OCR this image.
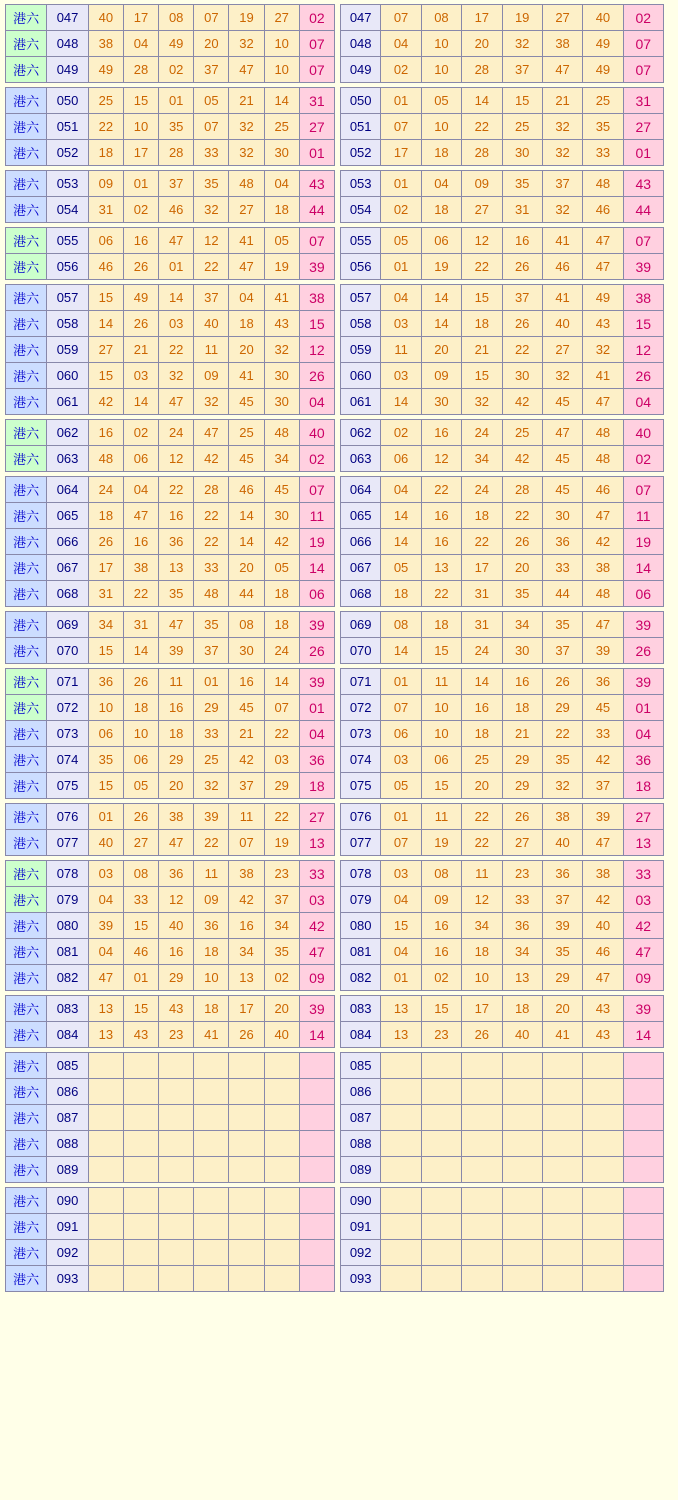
港六	047	40	17	08	07	19	27	02
港六	048	38	04	49	20	32	10	07
港六	049	49	28	02	37	47	10	07

港六	050	25	15	01	05	21	14	31
港六	051	22	10	35	07	32	25	27
港六	052	18	17	28	33	32	30	01

港六	053	09	01	37	35	48	04	43
港六	054	31	02	46	32	27	18	44

港六	055	06	16	47	12	41	05	07
港六	056	46	26	01	22	47	19	39

港六	057	15	49	14	37	04	41	38
港六	058	14	26	03	40	18	43	15
港六	059	27	21	22	11	20	32	12
港六	060	15	03	32	09	41	30	26
港六	061	42	14	47	32	45	30	04

港六	062	16	02	24	47	25	48	40
港六	063	48	06	12	42	45	34	02

港六	064	24	04	22	28	46	45	07
港六	065	18	47	16	22	14	30	11
港六	066	26	16	36	22	14	42	19
港六	067	17	38	13	33	20	05	14
港六	068	31	22	35	48	44	18	06

港六	069	34	31	47	35	08	18	39
港六	070	15	14	39	37	30	24	26

港六	071	36	26	11	01	16	14	39
港六	072	10	18	16	29	45	07	01
港六	073	06	10	18	33	21	22	04
港六	074	35	06	29	25	42	03	36
港六	075	15	05	20	32	37	29	18

港六	076	01	26	38	39	11	22	27
港六	077	40	27	47	22	07	19	13

港六	078	03	08	36	11	38	23	33
港六	079	04	33	12	09	42	37	03
港六	080	39	15	40	36	16	34	42
港六	081	04	46	16	18	34	35	47
港六	082	47	01	29	10	13	02	09

港六	083	13	15	43	18	17	20	39
港六	084	13	43	23	41	26	40	14

港六	085							
港六	086							
港六	087							
港六	088							
港六	089							

港六	090							
港六	091							
港六	092							
港六	093							
047	07	08	17	19	27	40	02
048	04	10	20	32	38	49	07
049	02	10	28	37	47	49	07

050	01	05	14	15	21	25	31
051	07	10	22	25	32	35	27
052	17	18	28	30	32	33	01

053	01	04	09	35	37	48	43
054	02	18	27	31	32	46	44

055	05	06	12	16	41	47	07
056	01	19	22	26	46	47	39

057	04	14	15	37	41	49	38
058	03	14	18	26	40	43	15
059	11	20	21	22	27	32	12
060	03	09	15	30	32	41	26
061	14	30	32	42	45	47	04

062	02	16	24	25	47	48	40
063	06	12	34	42	45	48	02

064	04	22	24	28	45	46	07
065	14	16	18	22	30	47	11
066	14	16	22	26	36	42	19
067	05	13	17	20	33	38	14
068	18	22	31	35	44	48	06

069	08	18	31	34	35	47	39
070	14	15	24	30	37	39	26

071	01	11	14	16	26	36	39
072	07	10	16	18	29	45	01
073	06	10	18	21	22	33	04
074	03	06	25	29	35	42	36
075	05	15	20	29	32	37	18

076	01	11	22	26	38	39	27
077	07	19	22	27	40	47	13

078	03	08	11	23	36	38	33
079	04	09	12	33	37	42	03
080	15	16	34	36	39	40	42
081	04	16	18	34	35	46	47
082	01	02	10	13	29	47	09

083	13	15	17	18	20	43	39
084	13	23	26	40	41	43	14

085							
086							
087							
088							
089							

090							
091							
092							
093							
